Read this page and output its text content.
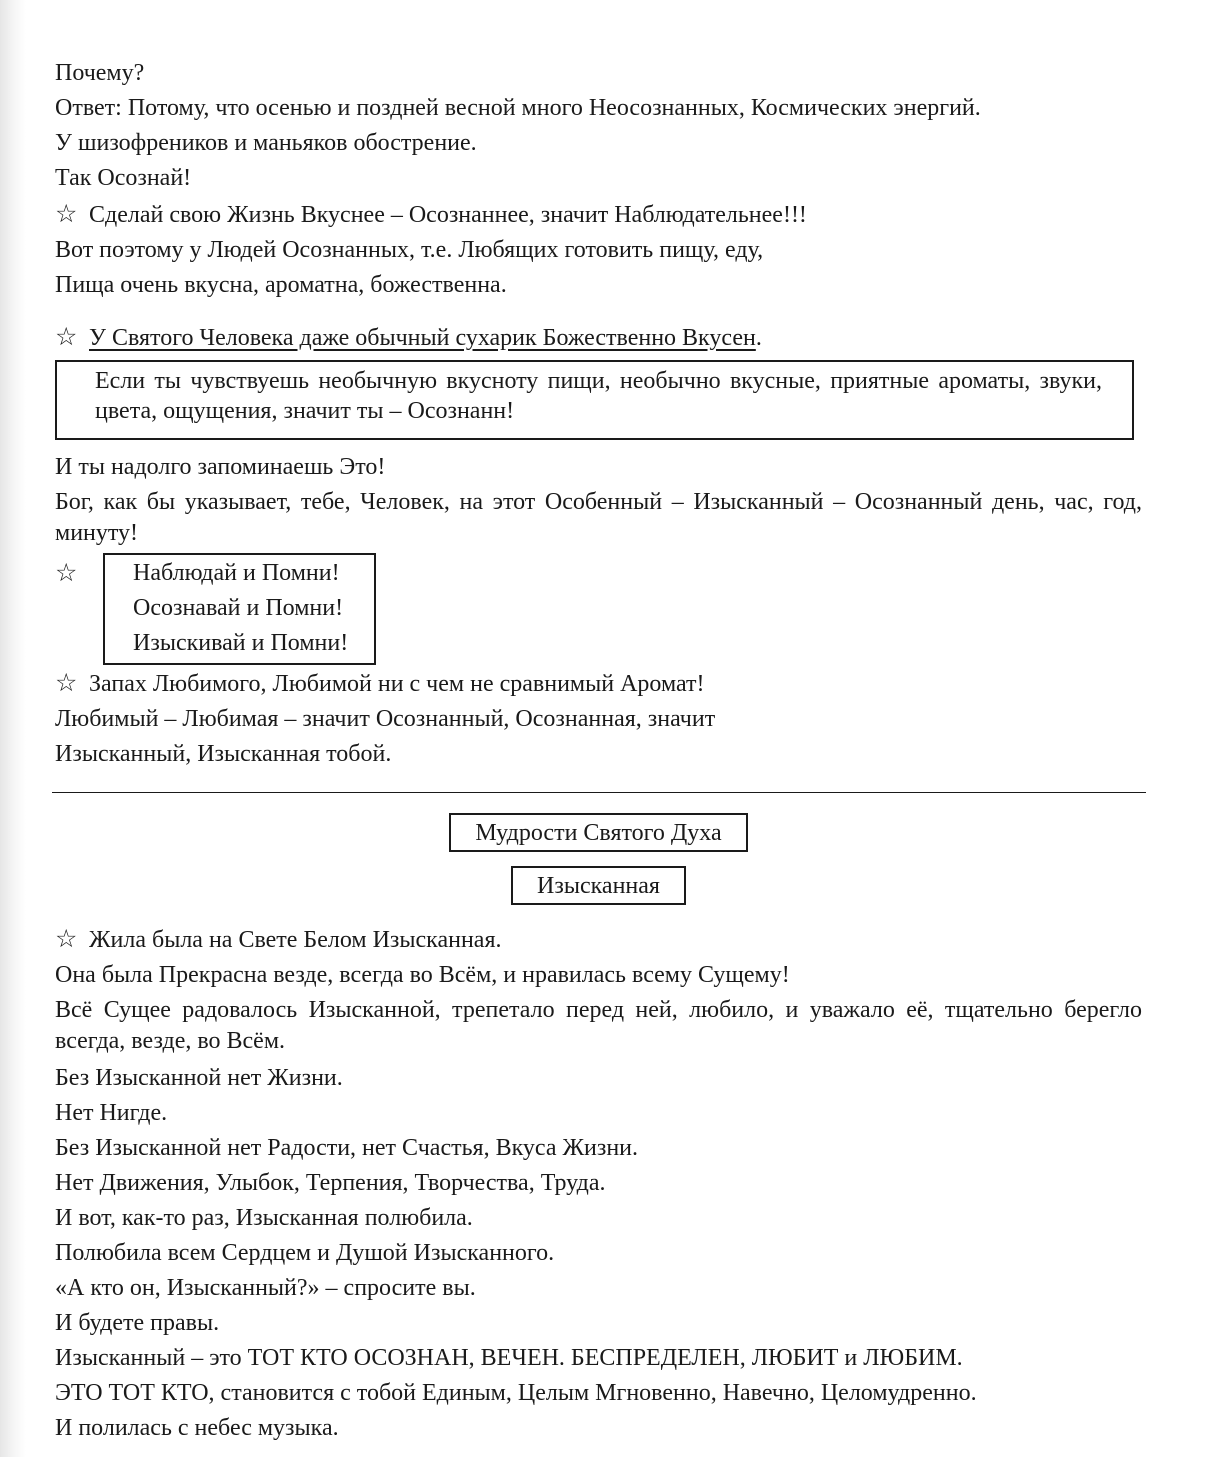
Почему?
Ответ: Потому, что осенью и поздней весной много Неосознанных, Космических энергий.
У шизофреников и маньяков обострение.
Так Осознай!
☆ Сделай свою Жизнь Вкуснее – Осознаннее, значит Наблюдательнее!!!
Вот поэтому у Людей Осознанных, т.е. Любящих готовить пищу, еду,
Пища очень вкусна, ароматна, божественна.
☆ У Святого Человека даже обычный сухарик Божественно Вкусен.
Если ты чувствуешь необычную вкусноту пищи, необычно вкусные, приятные ароматы, звуки, цвета, ощущения, значит ты – Осознанн!
И ты надолго запоминаешь Это!
Бог, как бы указывает, тебе, Человек, на этот Особенный – Изысканный – Осознанный день, час, год, минуту!
☆	Наблюдай и Помни!
Осознавай и Помни!
Изыскивай и Помни!
☆ Запах Любимого, Любимой ни с чем не сравнимый Аромат!
Любимый – Любимая – значит Осознанный, Осознанная, значит
Изысканный, Изысканная тобой.
Мудрости Святого Духа
Изысканная
☆ Жила была на Свете Белом Изысканная.
Она была Прекрасна везде, всегда во Всём, и нравилась всему Сущему!
Всё Сущее радовалось Изысканной, трепетало перед ней, любило, и уважало её, тщательно берегло всегда, везде, во Всём.
Без Изысканной нет Жизни.
Нет Нигде.
Без Изысканной нет Радости, нет Счастья, Вкуса Жизни.
Нет Движения, Улыбок, Терпения, Творчества, Труда.
И вот, как-то раз, Изысканная полюбила.
Полюбила всем Сердцем и Душой Изысканного.
«А кто он, Изысканный?» – спросите вы.
И будете правы.
Изысканный – это ТОТ КТО ОСОЗНАН, ВЕЧЕН. БЕСПРЕДЕЛЕН, ЛЮБИТ и ЛЮБИМ.
ЭТО ТОТ КТО, становится с тобой Единым, Целым Мгновенно, Навечно, Целомудренно.
И полилась с небес музыка.
